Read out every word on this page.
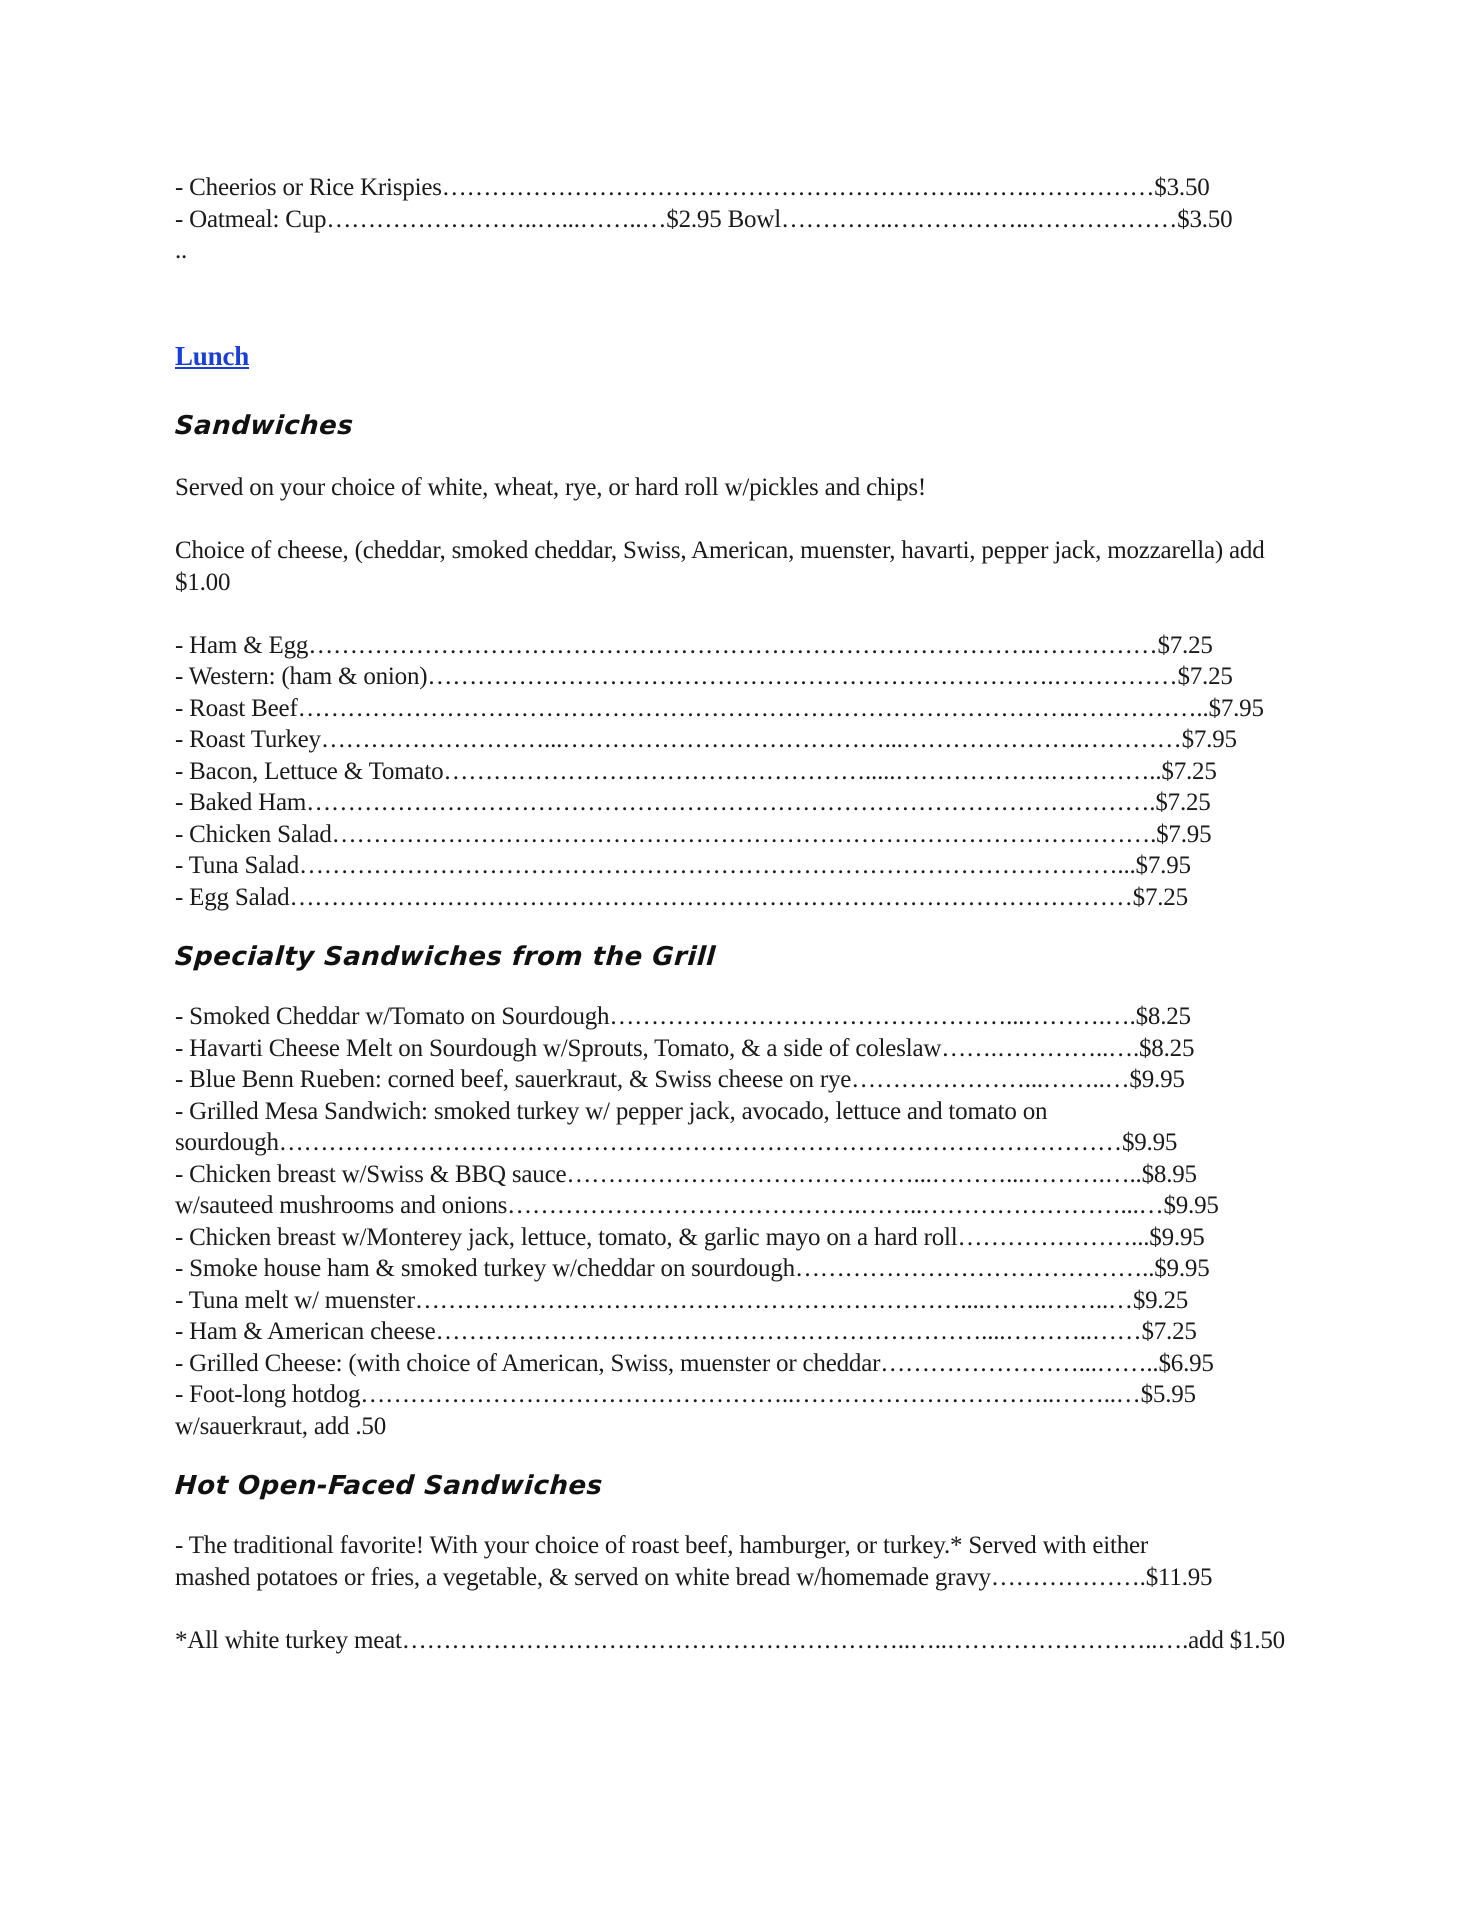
- Cheerios or Rice Krispies………………………………………………………..…….……………$3.50
- Oatmeal: Cup……………………..…...……..…$2.95 Bowl…………..……………..………………$3.50
..
Lunch
Sandwiches
Served on your choice of white, wheat, rye, or hard roll w/pickles and chips!
Choice of cheese, (cheddar, smoked cheddar, Swiss, American, muenster, havarti, pepper jack, mozzarella) add $1.00
- Ham & Egg…………………………………………………………………………….……………$7.25
- Western: (ham & onion)………………………………………………………………….……………$7.25
- Roast Beef………………………………………………………………………………….……………..$7.95
- Roast Turkey………………………...…………………………………...………………….…………$7.95
- Bacon, Lettuce & Tomato…………………………………………….....……………….…………..$7.25
- Baked Ham………………………………………………………………………………………….$7.25
- Chicken Salad……………………………………………………………………………………….$7.95
- Tuna Salad………………………………………………………………………………………...$7.95
- Egg Salad…………………………………………………………………………………………$7.25
Specialty Sandwiches from the Grill
- Smoked Cheddar w/Tomato on Sourdough…………………………………………...……….….$8.25
- Havarti Cheese Melt on Sourdough w/Sprouts, Tomato, & a side of coleslaw…….…………..….$8.25
- Blue Benn Rueben: corned beef, sauerkraut, & Swiss cheese on rye…………………...……..…$9.95
- Grilled Mesa Sandwich: smoked turkey w/ pepper jack, avocado, lettuce and tomato on
sourdough…………………………………………………………………………………………$9.95
- Chicken breast w/Swiss & BBQ sauce……………………………………...………...……….…..$8.95
w/sauteed mushrooms and onions…………………………………….……..……………………...…$9.95
- Chicken breast w/Monterey jack, lettuce, tomato, & garlic mayo on a hard roll…………………...$9.95
- Smoke house ham & smoked turkey w/cheddar on sourdough……………………………………..$9.95
- Tuna melt w/ muenster…………………………………………………………....……..……..…$9.25
- Ham & American cheese…………………………………………………………....………..……$7.25
- Grilled Cheese: (with choice of American, Swiss, muenster or cheddar……………………...……..$6.95
- Foot-long hotdog……………………………………………..…………………………..……..…$5.95
w/sauerkraut, add .50
Hot Open-Faced Sandwiches
- The traditional favorite! With your choice of roast beef, hamburger, or turkey.* Served with either
mashed potatoes or fries, a vegetable, & served on white bread w/homemade gravy……………….$11.95
*All white turkey meat……………………………………………………..…..……………………..….add $1.50
